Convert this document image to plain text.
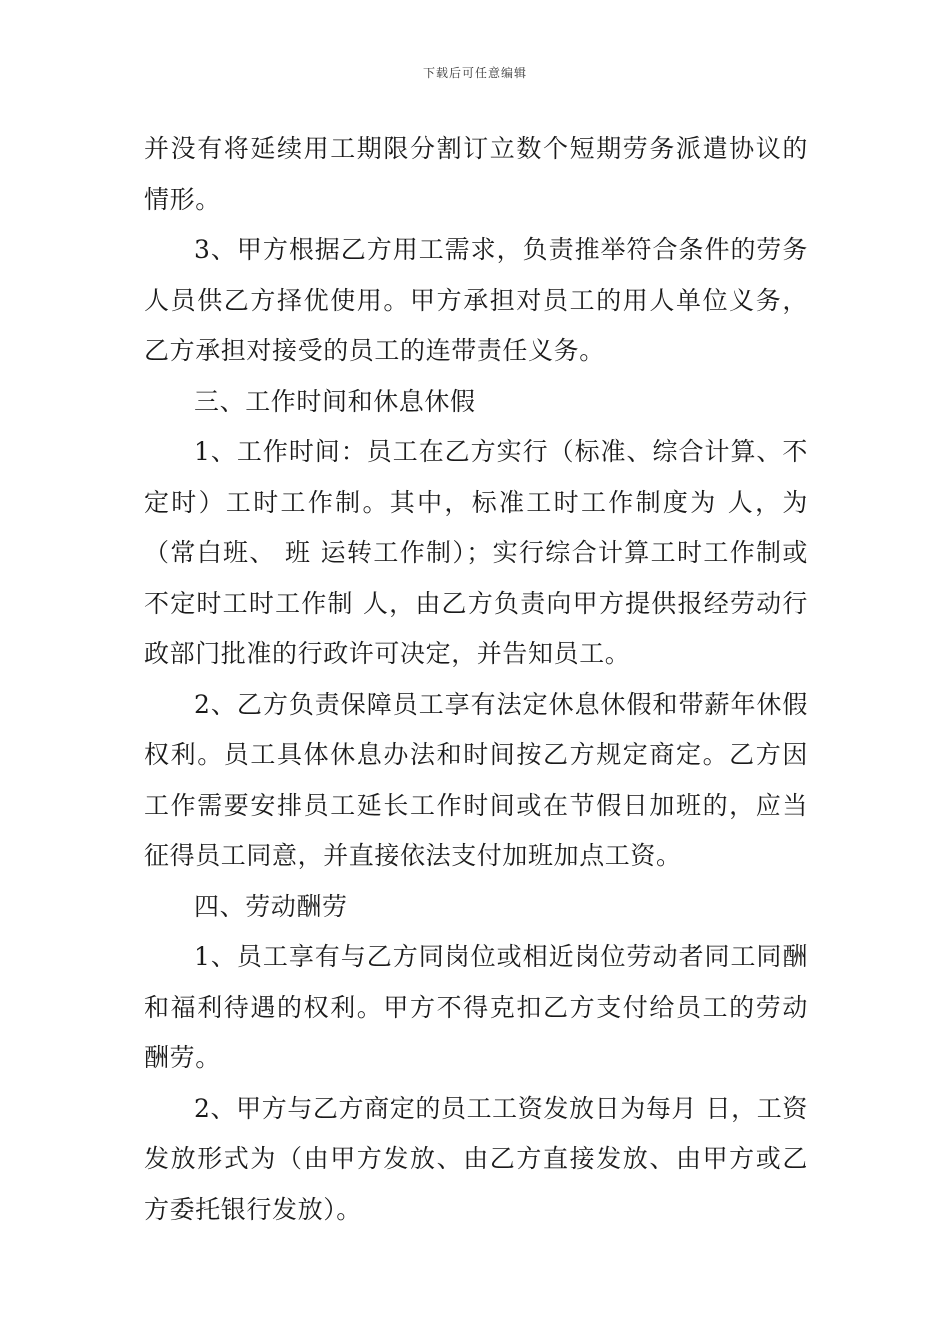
下载后可任意编辑

并没有将延续用工期限分割订立数个短期劳务派遣协议的情形。

3、甲方根据乙方用工需求，负责推举符合条件的劳务人员供乙方择优使用。甲方承担对员工的用人单位义务，乙方承担对接受的员工的连带责任义务。

三、工作时间和休息休假

1、工作时间：员工在乙方实行（标准、综合计算、不定时）工时工作制。其中，标准工时工作制度为 人，为（常白班、 班 运转工作制）；实行综合计算工时工作制或不定时工时工作制 人，由乙方负责向甲方提供报经劳动行政部门批准的行政许可决定，并告知员工。

2、乙方负责保障员工享有法定休息休假和带薪年休假权利。员工具体休息办法和时间按乙方规定商定。乙方因工作需要安排员工延长工作时间或在节假日加班的，应当征得员工同意，并直接依法支付加班加点工资。

四、劳动酬劳

1、员工享有与乙方同岗位或相近岗位劳动者同工同酬和福利待遇的权利。甲方不得克扣乙方支付给员工的劳动酬劳。

2、甲方与乙方商定的员工工资发放日为每月 日，工资发放形式为（由甲方发放、由乙方直接发放、由甲方或乙方委托银行发放）。
